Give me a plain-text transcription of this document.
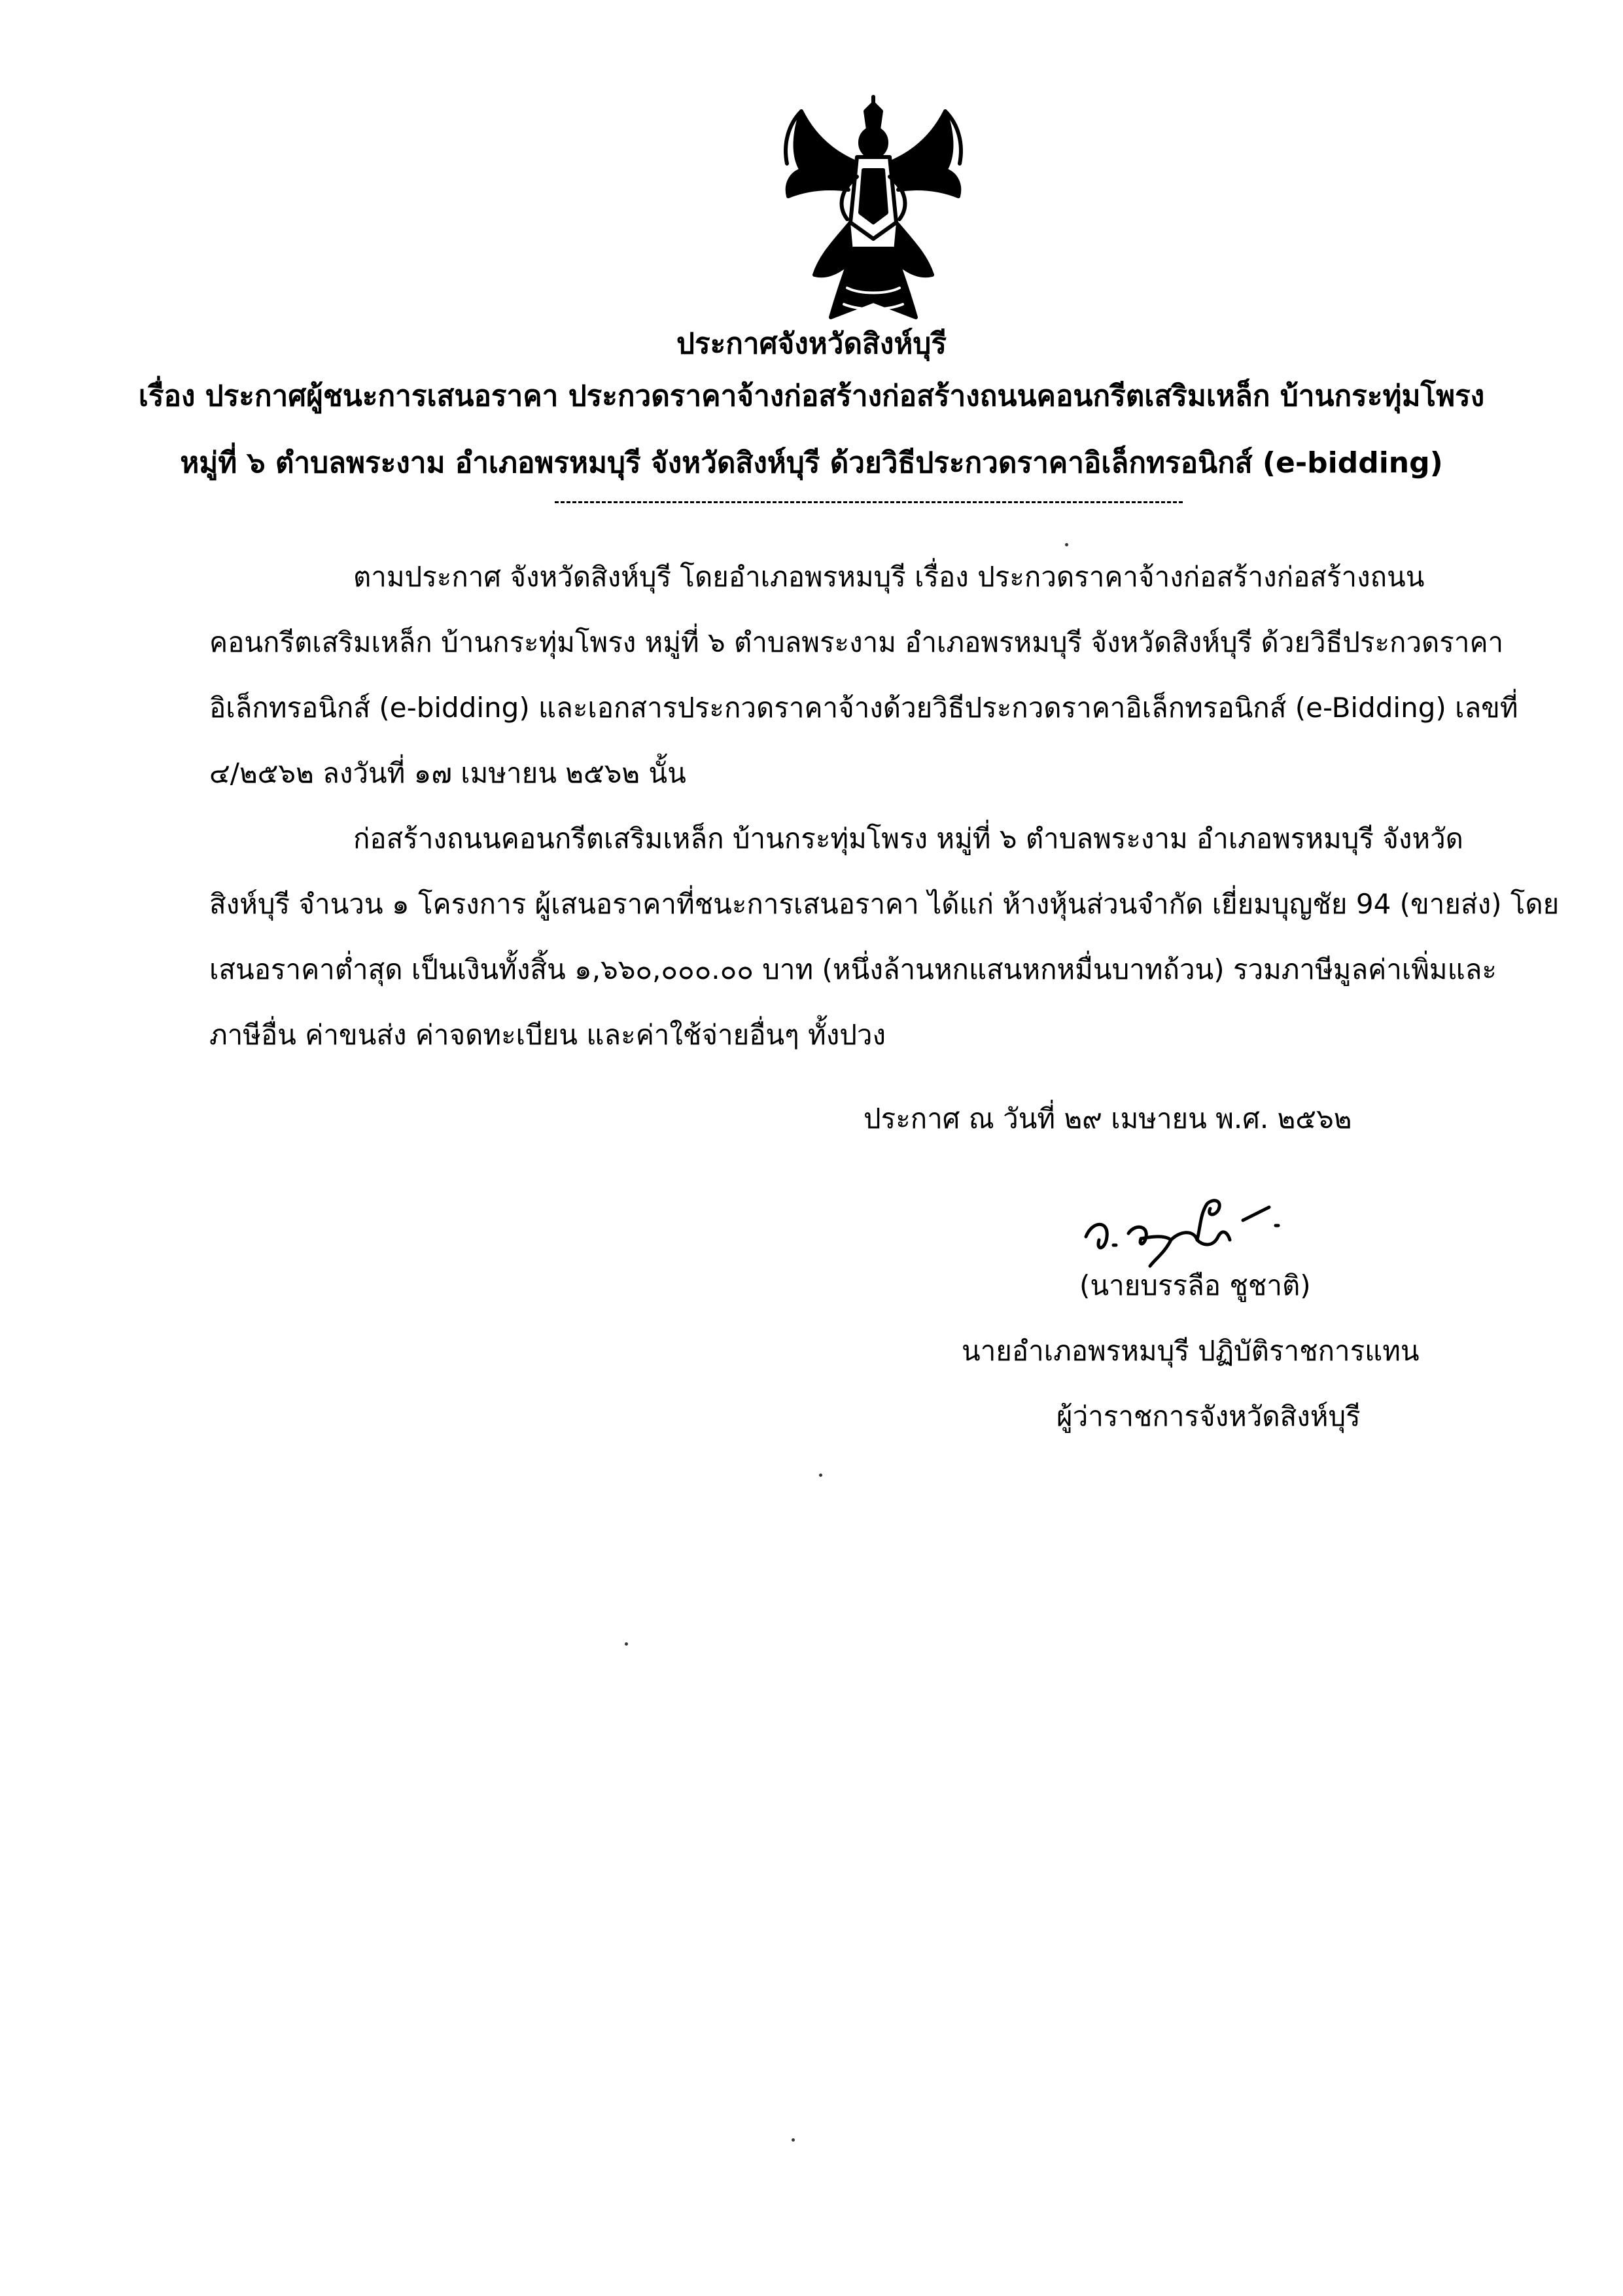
ประกาศจังหวัดสิงห์บุรี
เรื่อง ประกาศผู้ชนะการเสนอราคา ประกวดราคาจ้างก่อสร้างก่อสร้างถนนคอนกรีตเสริมเหล็ก บ้านกระทุ่มโพรง
หมู่ที่ ๖ ตำบลพระงาม อำเภอพรหมบุรี จังหวัดสิงห์บุรี ด้วยวิธีประกวดราคาอิเล็กทรอนิกส์ (e-bidding)
ตามประกาศ จังหวัดสิงห์บุรี โดยอำเภอพรหมบุรี เรื่อง ประกวดราคาจ้างก่อสร้างก่อสร้างถนน
คอนกรีตเสริมเหล็ก บ้านกระทุ่มโพรง หมู่ที่ ๖ ตำบลพระงาม อำเภอพรหมบุรี จังหวัดสิงห์บุรี ด้วยวิธีประกวดราคา
อิเล็กทรอนิกส์ (e-bidding) และเอกสารประกวดราคาจ้างด้วยวิธีประกวดราคาอิเล็กทรอนิกส์ (e-Bidding) เลขที่
๔/๒๕๖๒ ลงวันที่ ๑๗ เมษายน ๒๕๖๒ นั้น
ก่อสร้างถนนคอนกรีตเสริมเหล็ก บ้านกระทุ่มโพรง หมู่ที่ ๖ ตำบลพระงาม อำเภอพรหมบุรี จังหวัด
สิงห์บุรี จำนวน ๑ โครงการ ผู้เสนอราคาที่ชนะการเสนอราคา ได้แก่ ห้างหุ้นส่วนจำกัด เยี่ยมบุญชัย 94 (ขายส่ง) โดย
เสนอราคาต่ำสุด เป็นเงินทั้งสิ้น ๑,๖๖๐,๐๐๐.๐๐ บาท (หนึ่งล้านหกแสนหกหมื่นบาทถ้วน) รวมภาษีมูลค่าเพิ่มและ
ภาษีอื่น ค่าขนส่ง ค่าจดทะเบียน และค่าใช้จ่ายอื่นๆ ทั้งปวง
ประกาศ ณ วันที่ ๒๙ เมษายน พ.ศ. ๒๕๖๒
(นายบรรลือ ชูชาติ)
นายอำเภอพรหมบุรี ปฏิบัติราชการแทน
ผู้ว่าราชการจังหวัดสิงห์บุรี
